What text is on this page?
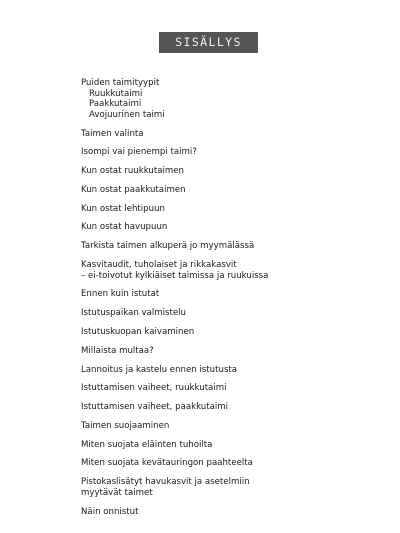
SISÄLLYS
Puiden taimityypit
Ruukkutaimi
Paakkutaimi
Avojuurinen taimi
Taimen valinta
Isompi vai pienempi taimi?
Kun ostat ruukkutaimen
Kun ostat paakkutaimen
Kun ostat lehtipuun
Kun ostat havupuun
Tarkista taimen alkuperä jo myymälässä
Kasvitaudit, tuholaiset ja rikkakasvit
– ei-toivotut kylkiäiset taimissa ja ruukuissa
Ennen kuin istutat
Istutuspaikan valmistelu
Istutuskuopan kaivaminen
Millaista multaa?
Lannoitus ja kastelu ennen istutusta
Istuttamisen vaiheet, ruukkutaimi
Istuttamisen vaiheet, paakkutaimi
Taimen suojaaminen
Miten suojata eläinten tuhoilta
Miten suojata kevätauringon paahteelta
Pistokaslisätyt havukasvit ja asetelmiin
myytävät taimet
Näin onnistut
